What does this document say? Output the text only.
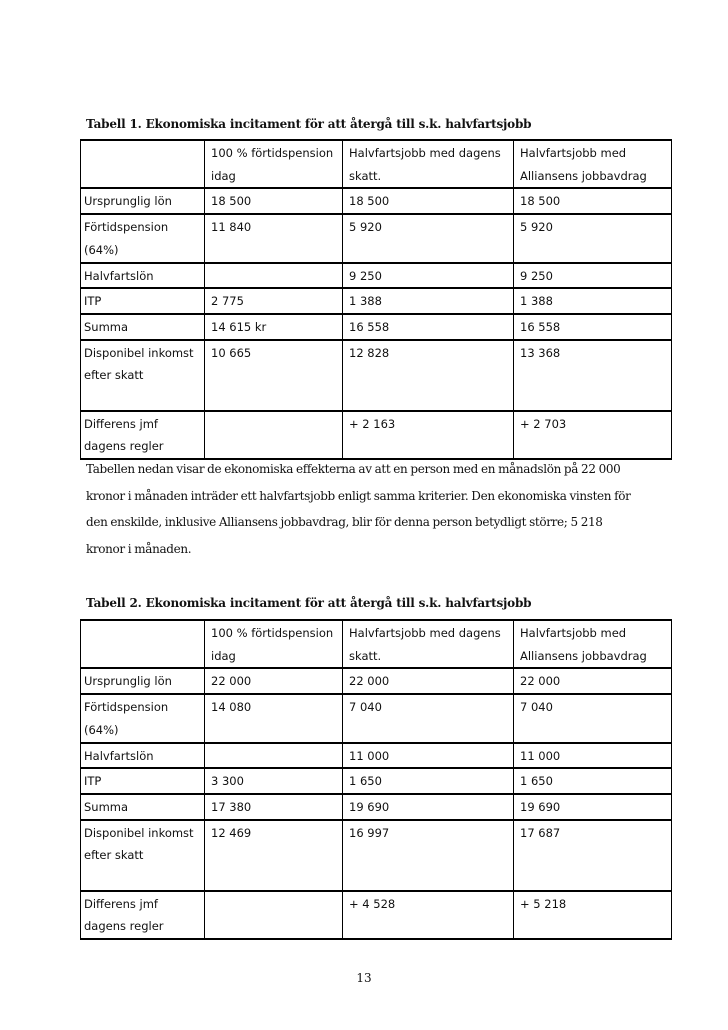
Tabell 1. Ekonomiska incitament för att återgå till s.k. halvfartsjobb
	100 % förtidspension idag	Halvfartsjobb med dagens skatt.	Halvfartsjobb med Alliansens jobbavdrag
Ursprunglig lön	18 500	18 500	18 500
Förtidspension (64%)	11 840	5 920	5 920
Halvfartslön		9 250	9 250
ITP	2 775	1 388	1 388
Summa	14 615 kr	16 558	16 558
Disponibel inkomst efter skatt	10 665	12 828	13 368
Differens jmf dagens regler		+ 2 163	+ 2 703
Tabellen nedan visar de ekonomiska effekterna av att en person med en månadslön på 22 000
kronor i månaden inträder ett halvfartsjobb enligt samma kriterier. Den ekonomiska vinsten för
den enskilde, inklusive Alliansens jobbavdrag, blir för denna person betydligt större; 5 218
kronor i månaden.
Tabell 2. Ekonomiska incitament för att återgå till s.k. halvfartsjobb
	100 % förtidspension idag	Halvfartsjobb med dagens skatt.	Halvfartsjobb med Alliansens jobbavdrag
Ursprunglig lön	22 000	22 000	22 000
Förtidspension (64%)	14 080	7 040	7 040
Halvfartslön		11 000	11 000
ITP	3 300	1 650	1 650
Summa	17 380	19 690	19 690
Disponibel inkomst efter skatt	12 469	16 997	17 687
Differens jmf dagens regler		+ 4 528	+ 5 218
13
